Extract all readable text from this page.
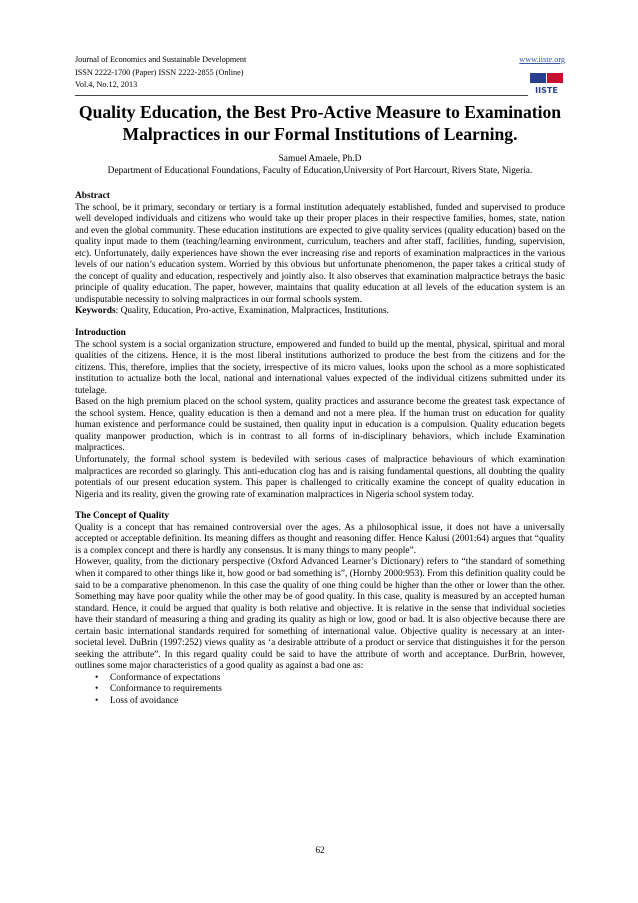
Journal of Economics and Sustainable Development
ISSN 2222-1700 (Paper) ISSN 2222-2855 (Online)
Vol.4, No.12, 2013
www.iiste.org
IISTE
Quality Education, the Best Pro-Active Measure to Examination
Malpractices in our Formal Institutions of Learning.
Samuel Amaele, Ph.D
Department of Educational Foundations, Faculty of Education,University of Port Harcourt, Rivers State, Nigeria.

Abstract

The school, be it primary, secondary or tertiary is a formal institution adequately established, funded and supervised to produce well developed individuals and citizens who would take up their proper places in their respective families, homes, state, nation and even the global community. These education institutions are expected to give quality services (quality education) based on the quality input made to them (teaching/learning environment, curriculum, teachers and after staff, facilities, funding, supervision, etc). Unfortunately, daily experiences have shown the ever increasing rise and reports of examination malpractices in the various levels of our nation’s education system. Worried by this obvious but unfortunate phenomenon, the paper takes a critical study of the concept of quality and education, respectively and jointly also. It also observes that examination malpractice betrays the basic principle of quality education. The paper, however, maintains that quality education at all levels of the education system is an undisputable necessity to solving malpractices in our formal schools system.

Keywords: Quality, Education, Pro-active, Examination, Malpractices, Institutions.

Introduction

The school system is a social organization structure, empowered and funded to build up the mental, physical, spiritual and moral qualities of the citizens. Hence, it is the most liberal institutions authorized to produce the best from the citizens and for the citizens. This, therefore, implies that the society, irrespective of its micro values, looks upon the school as a more sophisticated institution to actualize both the local, national and international values expected of the individual citizens submitted under its tutelage.

Based on the high premium placed on the school system, quality practices and assurance become the greatest task expectance of the school system. Hence, quality education is then a demand and not a mere plea. If the human trust on education for quality human existence and performance could be sustained, then quality input in education is a compulsion. Quality education begets quality manpower production, which is in contrast to all forms of in-disciplinary behaviors, which include Examination malpractices.

Unfortunately, the formal school system is bedeviled with serious cases of malpractice behaviours of which examination malpractices are recorded so glaringly. This anti-education clog has and is raising fundamental questions, all doubting the quality potentials of our present education system. This paper is challenged to critically examine the concept of quality education in Nigeria and its reality, given the growing rate of examination malpractices in Nigeria school system today.

The Concept of Quality

Quality is a concept that has remained controversial over the ages. As a philosophical issue, it does not have a universally accepted or acceptable definition. Its meaning differs as thought and reasoning differ. Hence Kalusi (2001:64) argues that “quality is a complex concept and there is hardly any consensus. It is many things to many people”.

However, quality, from the dictionary perspective (Oxford Advanced Learner’s Dictionary) refers to “the standard of something when it compared to other things like it, how good or bad something is”, (Hornby 2000:953). From this definition quality could be said to be a comparative phenomenon. In this case the quality of one thing could be higher than the other or lower than the other. Something may have poor quality while the other may be of good quality. In this case, quality is measured by an accepted human standard. Hence, it could be argued that quality is both relative and objective. It is relative in the sense that individual societies have their standard of measuring a thing and grading its quality as high or low, good or bad. It is also objective because there are certain basic international standards required for something of international value. Objective quality is necessary at an inter-societal level. DuBrin (1997:252) views quality as ‘a desirable attribute of a product or service that distinguishes it for the person seeking the attribute”. In this regard quality could be said to have the attribute of worth and acceptance. DurBrin, however, outlines some major characteristics of a good quality as against a bad one as:

• Conformance of expectations
• Conformance to requirements
• Loss of avoidance
62
